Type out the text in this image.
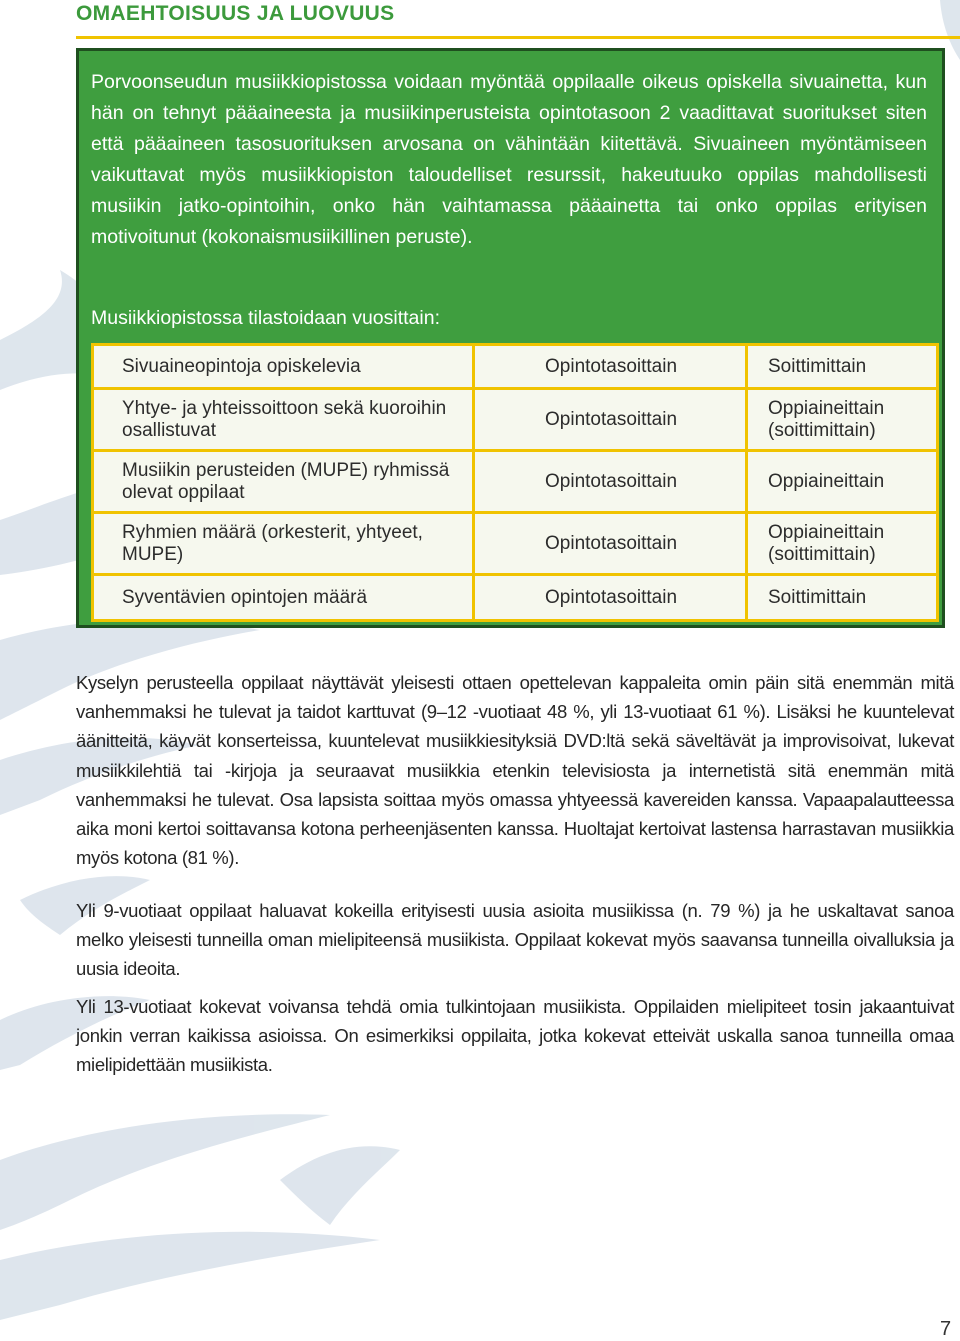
OMAEHTOISUUS JA LUOVUUS

Porvoonseudun musiikkiopistossa voidaan myöntää oppilaalle oikeus opiskella sivuainetta, kun hän on tehnyt pääaineesta ja musiikinperusteista opintotasoon 2 vaadittavat suoritukset siten että pääaineen tasosuorituksen arvosana on vähintään kiitettävä. Sivuaineen myöntämiseen vaikuttavat myös musiikkiopiston taloudelliset resurssit, hakeutuuko oppilas mahdollisesti musiikin jatko-opintoihin, onko hän vaihtamassa pääainetta tai onko oppilas erityisen motivoitunut (kokonaismusiikillinen peruste).

Musiikkiopistossa tilastoidaan vuosittain:

Sivuaineopintoja opiskelevia	Opintotasoittain	Soittimittain
Yhtye- ja yhteissoittoon sekä kuoroihin osallistuvat	Opintotasoittain	Oppiaineittain (soittimittain)
Musiikin perusteiden (MUPE) ryhmissä olevat oppilaat	Opintotasoittain	Oppiaineittain
Ryhmien määrä (orkesterit, yhtyeet, MUPE)	Opintotasoittain	Oppiaineittain (soittimittain)
Syventävien opintojen määrä	Opintotasoittain	Soittimittain

Kyselyn perusteella oppilaat näyttävät yleisesti ottaen opettelevan kappaleita omin päin sitä enemmän mitä vanhemmaksi he tulevat ja taidot karttuvat (9–12 -vuotiaat 48 %, yli 13-vuotiaat 61 %). Lisäksi he kuuntelevat äänitteitä, käyvät konserteissa, kuuntelevat musiikkiesityksiä DVD:ltä sekä säveltävät ja improvisoivat, lukevat musiikkilehtiä tai -kirjoja ja seuraavat musiikkia etenkin televisiosta ja internetistä sitä enemmän mitä vanhemmaksi he tulevat. Osa lapsista soittaa myös omassa yhtyeessä kavereiden kanssa. Vapaapalautteessa aika moni kertoi soittavansa kotona perheenjäsenten kanssa. Huoltajat kertoivat lastensa harrastavan musiikkia myös kotona (81 %).

Yli 9-vuotiaat oppilaat haluavat kokeilla erityisesti uusia asioita musiikissa (n. 79 %) ja he uskaltavat sanoa melko yleisesti tunneilla oman mielipiteensä musiikista. Oppilaat kokevat myös saavansa tunneilla oivalluksia ja uusia ideoita.

Yli 13-vuotiaat kokevat voivansa tehdä omia tulkintojaan musiikista. Oppilaiden mielipiteet tosin jakaantuivat jonkin verran kaikissa asioissa. On esimerkiksi oppilaita, jotka kokevat etteivät uskalla sanoa tunneilla omaa mielipidettään musiikista.

7
